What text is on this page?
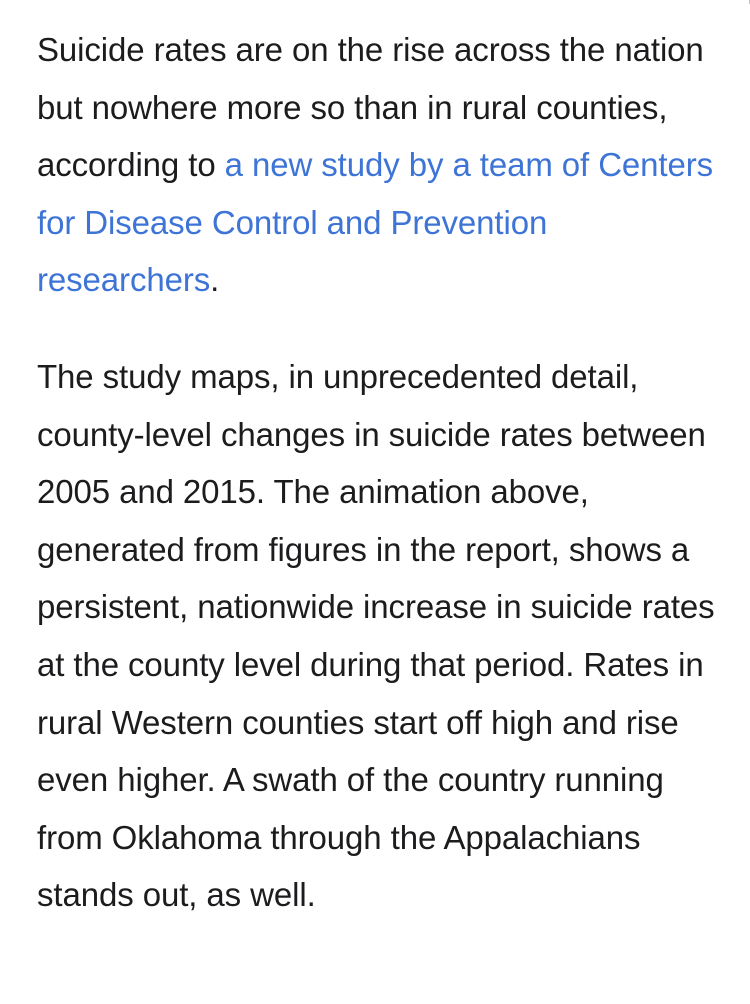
Suicide rates are on the rise across the nation but nowhere more so than in rural counties, according to a new study by a team of Centers for Disease Control and Prevention researchers.

The study maps, in unprecedented detail, county-level changes in suicide rates between 2005 and 2015. The animation above, generated from figures in the report, shows a persistent, nationwide increase in suicide rates at the county level during that period. Rates in rural Western counties start off high and rise even higher. A swath of the country running from Oklahoma through the Appalachians stands out, as well.
